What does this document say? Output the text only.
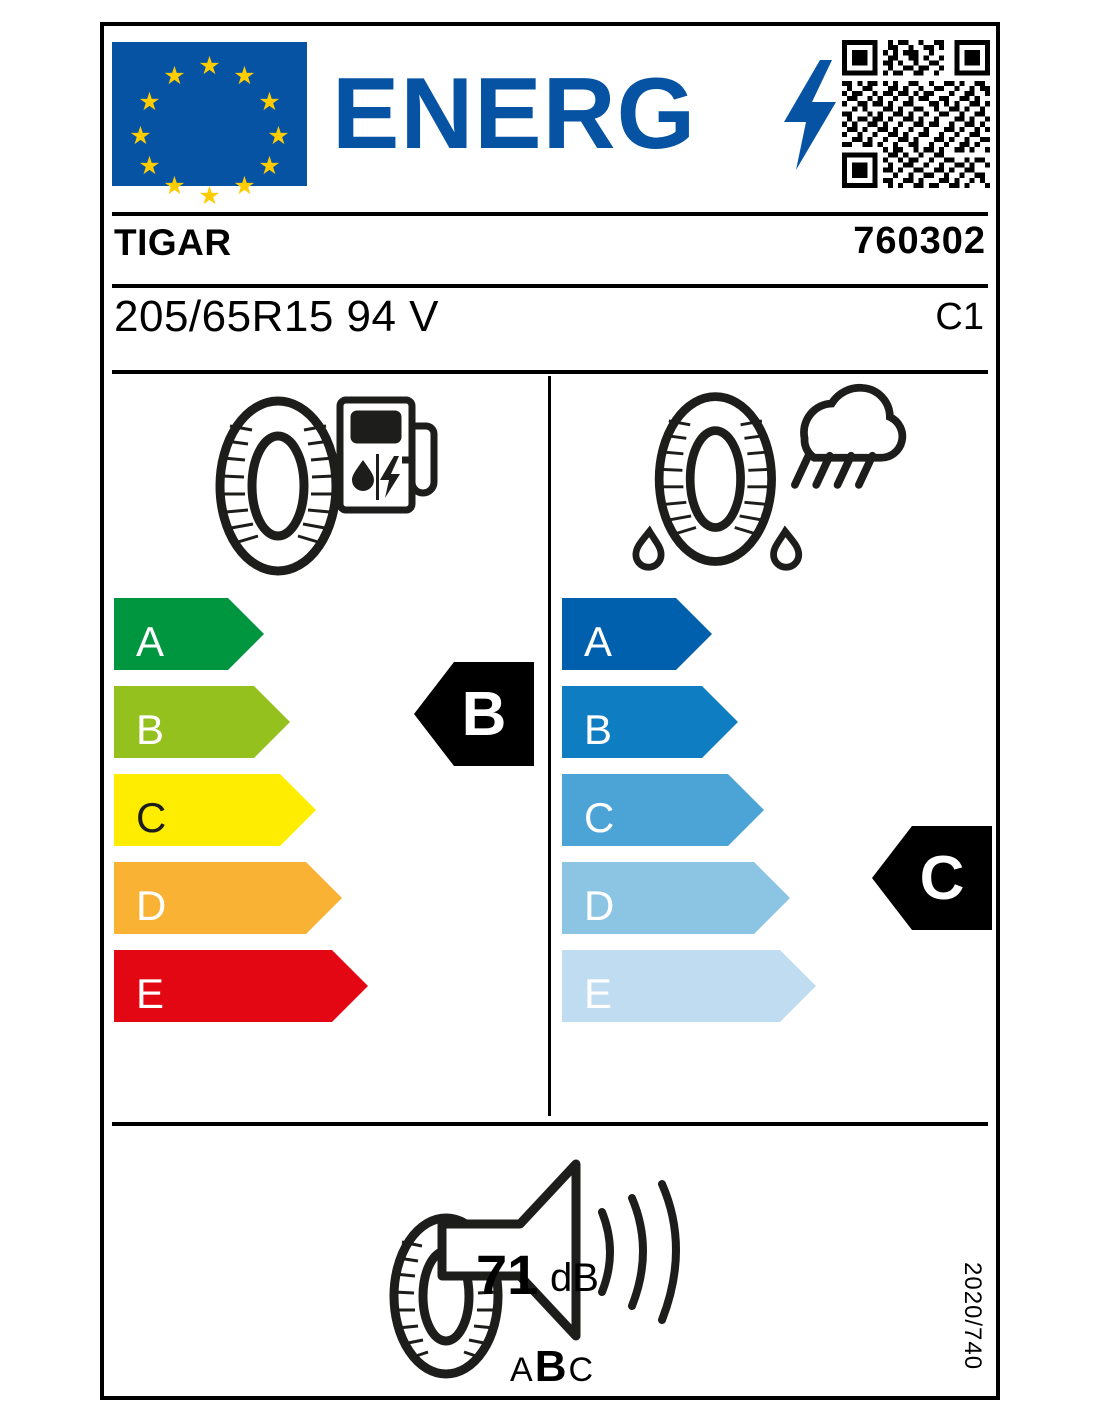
★
★ ★
★	★
★	★
★	★
★ ★
★
ENERG
TIGAR	760302
205/65R15 94 V	C1
A
B
C
D
E
B
A
B
C
D
E
C
71 dB
ABC	2020/740
